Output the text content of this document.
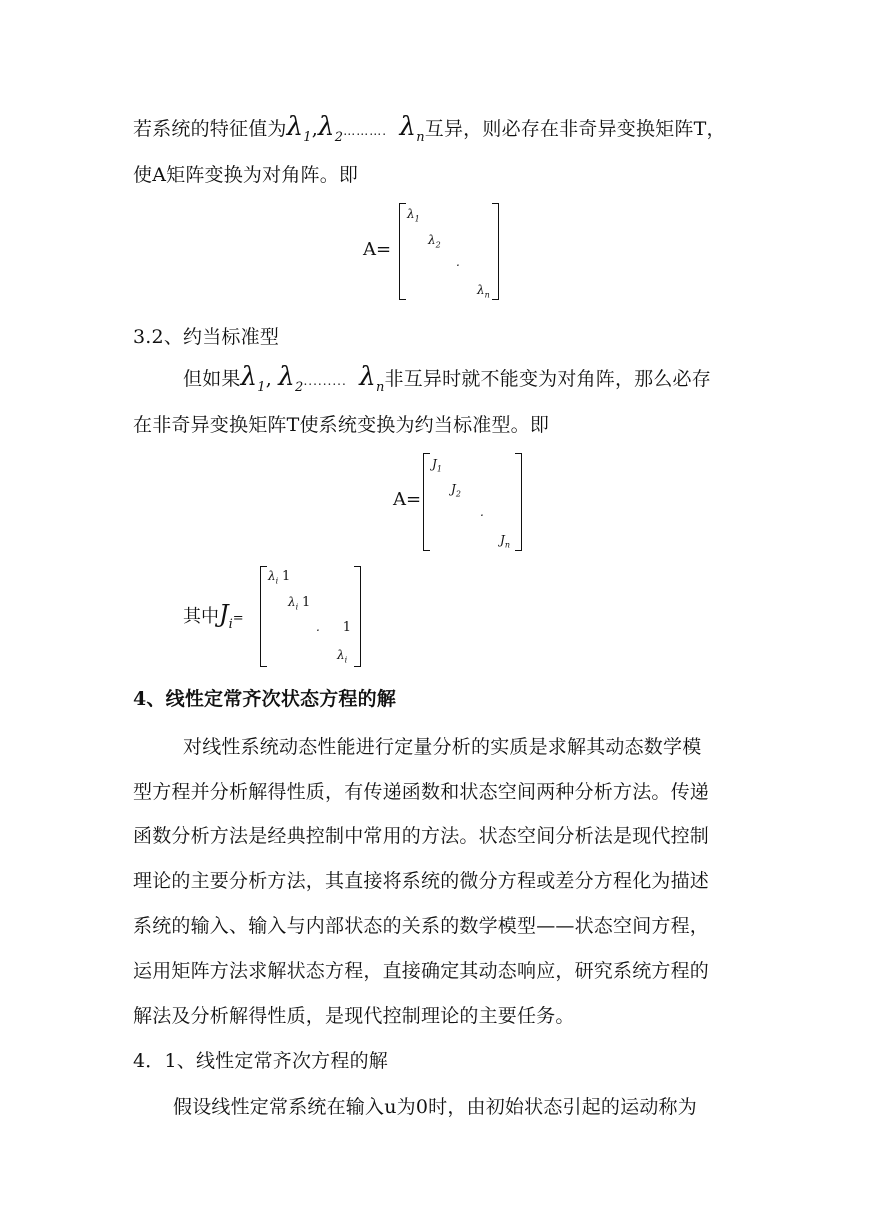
若系统的特征值为$\lambda_1,\lambda_2\dots\dots\dots$. $\lambda_n$互异，则必存在非奇异变换矩阵T，
使A矩阵变换为对角阵。即
A=
$\lambda_1$
$\lambda_2$
.
$\lambda_n$
3.2、约当标准型
但如果$\lambda_1$, $\lambda_2$......... $\lambda_n$非互异时就不能变为对角阵，那么必存
在非奇异变换矩阵T使系统变换为约当标准型。即
A=
$J_1$
$J_2$
.
$J_n$
其中$J_i=$
$\lambda_i$ 1
$\lambda_i$ 1
. 1
$\lambda_i$
4、线性定常齐次状态方程的解
对线性系统动态性能进行定量分析的实质是求解其动态数学模
型方程并分析解得性质，有传递函数和状态空间两种分析方法。传递
函数分析方法是经典控制中常用的方法。状态空间分析法是现代控制
理论的主要分析方法，其直接将系统的微分方程或差分方程化为描述
系统的输入、输入与内部状态的关系的数学模型——状态空间方程，
运用矩阵方法求解状态方程，直接确定其动态响应，研究系统方程的
解法及分析解得性质，是现代控制理论的主要任务。
4．1、线性定常齐次方程的解
假设线性定常系统在输入u为0时，由初始状态引起的运动称为
